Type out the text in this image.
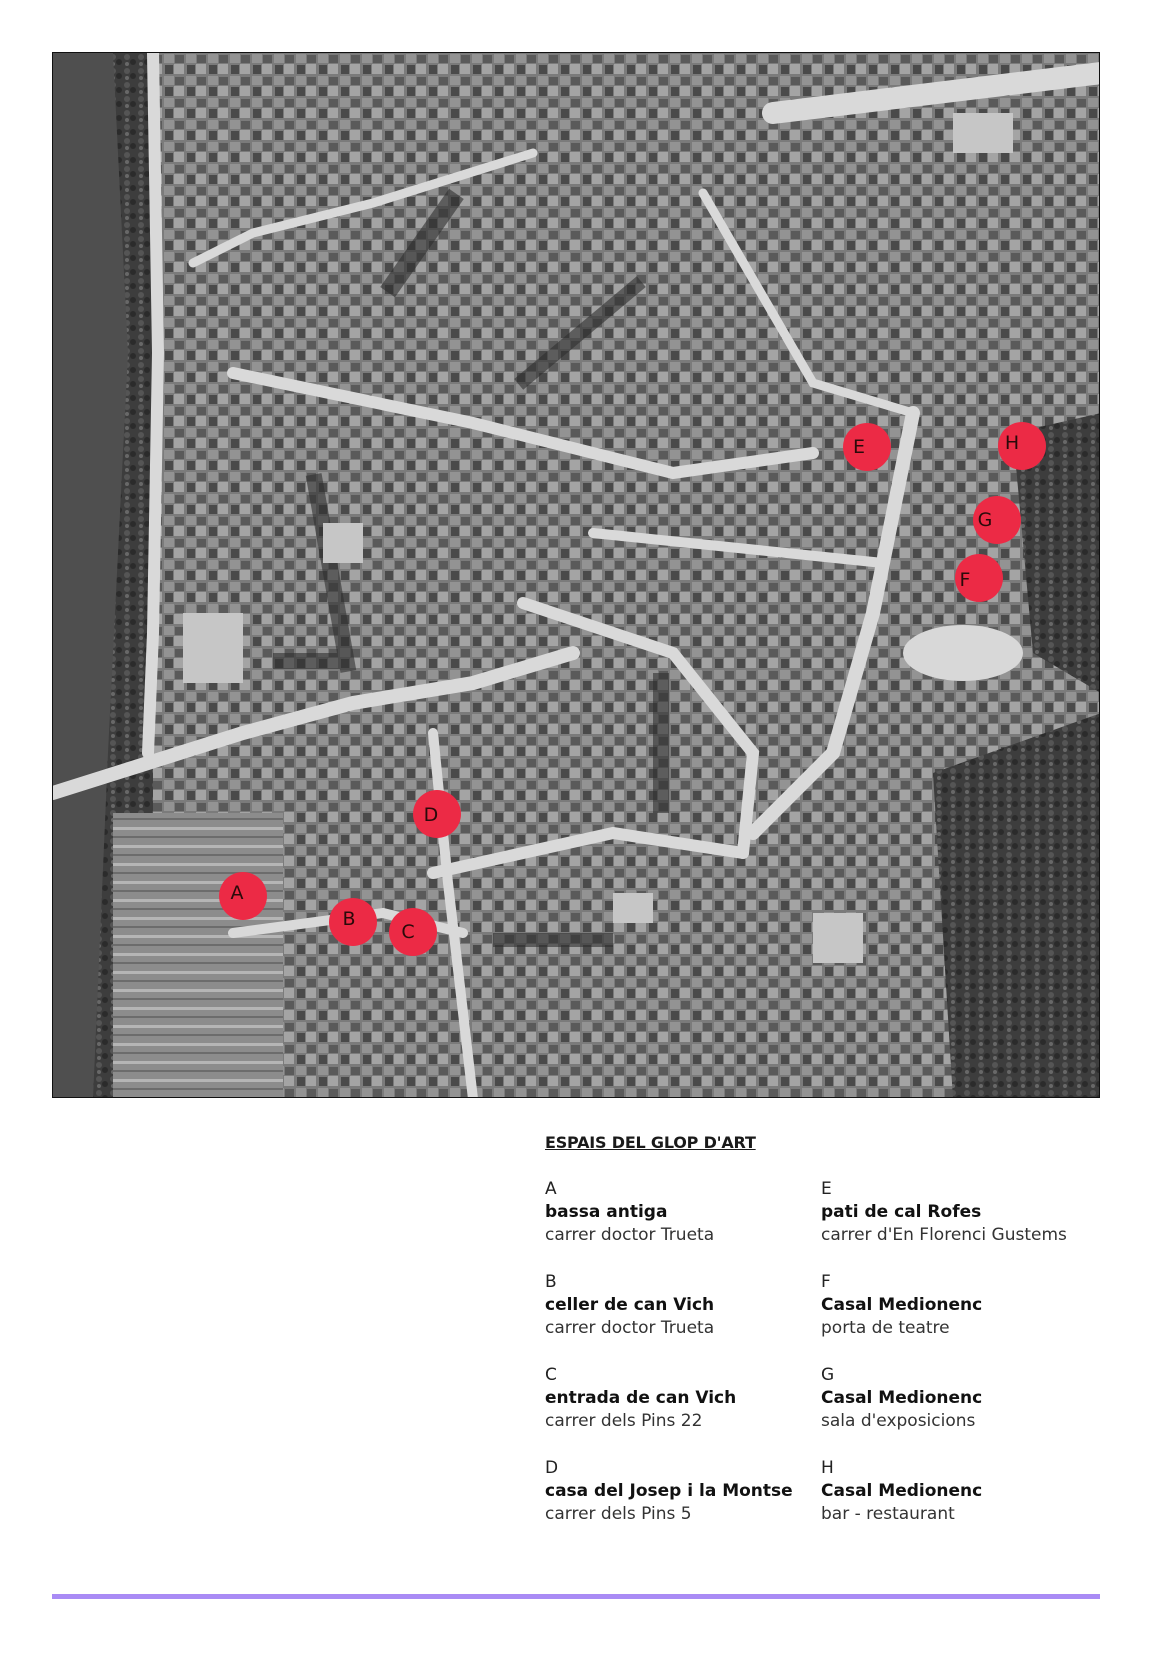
A
B
C
D
E
F
G
H
ESPAIS DEL GLOP D'ART
A
bassa antiga
carrer doctor Trueta
B
celler de can Vich
carrer doctor Trueta
C
entrada de can Vich
carrer dels Pins 22
D
casa del Josep i la Montse
carrer dels Pins 5
E
pati de cal Rofes
carrer d'En Florenci Gustems
F
Casal Medionenc
porta de teatre
G
Casal Medionenc
sala d'exposicions
H
Casal Medionenc
bar - restaurant
